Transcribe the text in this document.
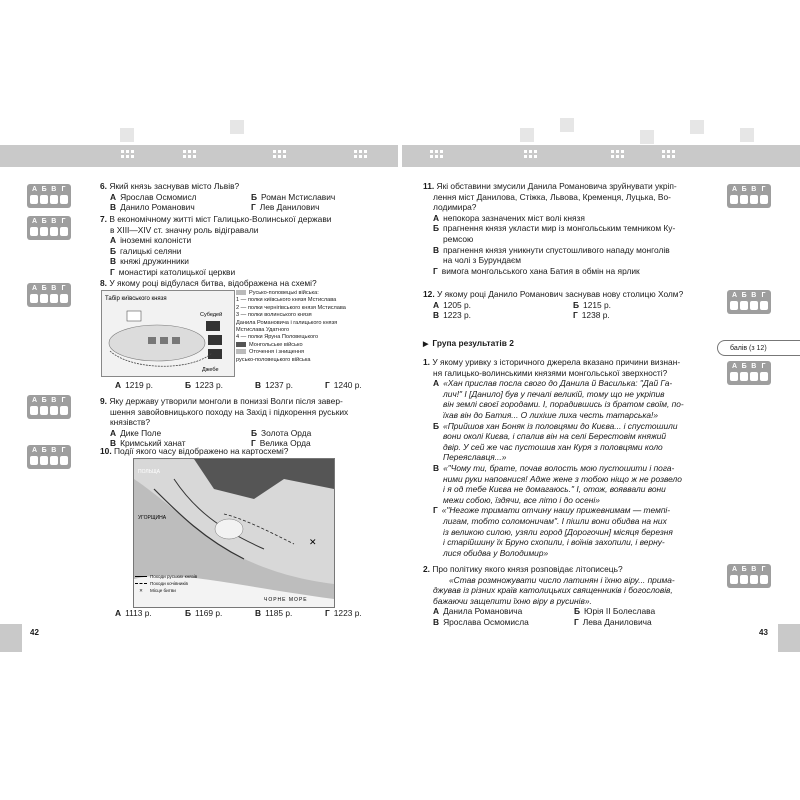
42	43
А Б В Г
А Б В Г
А Б В Г
А Б В Г
А Б В Г
А Б В Г
А Б В Г
балів (з 12)
А Б В Г
А Б В Г
6. Який князь заснував місто Львів?
А Ярослав Осмомисл	Б Роман Мстиславич
В Данило Романович	Г Лев Данилович
7. В економічному житті міст Галицько-Волинської держави
в XIII—XIV ст. значну роль відігравали
А іноземні колоністи
Б галицькі селяни
В княжі дружинники
Г монастирі католицької церкви
8. У якому році відбулася битва, відображена на схемі?
Табір київського князя
Субедей
Джебе
Русько-половецькі війська:
1 — полки київського князя Мстислава
2 — полки чернігівського князя Мстислава
3 — полки волинського князя
Данила Романовича і галицького князя
Мстислава Удатного
4 — полки Яруна Половецького
Монгольське військо
Оточення і знищення
русько-половецького війська
А 1219 р.	Б 1223 р.	В 1237 р.	Г 1240 р.
9. Яку державу утворили монголи в пониззі Волги після завер-
шення завойовницького походу на Захід і підкорення руських
князівств?
А Дике Поле	Б Золота Орда
В Кримський ханат	Г Велика Орда
10. Події якого часу відображено на картосхемі?
✕
ПОЛЬЩА
УГОРЩИНА
ЧОРНЕ МОРЕ
Походи руських князів
Походи кочівників
✕ Місце битви
А 1113 р.	Б 1169 р.	В 1185 р.	Г 1223 р.
11. Які обставини змусили Данила Романовича зруйнувати укріп-
лення міст Данилова, Стіжка, Львова, Кременця, Луцька, Во-
лодимира?
А непокора зазначених міст волі князя
Б прагнення князя укласти мир із монгольським темником Ку-
ремсою
В прагнення князя уникнути спустошливого нападу монголів
на чолі з Бурундаєм
Г вимога монгольського хана Батия в обмін на ярлик
12. У якому році Данило Романович заснував нову столицю Холм?
А 1205 р.	Б 1215 р.
В 1223 р.	Г 1238 р.
▶ Група результатів 2
1. У якому уривку з історичного джерела вказано причини визнан-
ня галицько-волинськими князями монгольської зверхності?
А «Хан прислав посла свого до Данила й Василька: "Дай Га-
лич!" І [Данило] був у печалі великій, тому що не укріпив
він землі своєї городами. І, порадившись із братом своїм, по-
їхав він до Батия... О лихіше лиха честь татарська!»
Б «Прийшов хан Боняк із половцями до Києва... і спустошили
вони околі Києва, і спалив він на селі Берестовім княжий
двір. У сей же час пустошив хан Куря з половцями коло
Переяславця...»
В «"Чому ти, брате, почав волость мою пустошити і пога-
ними руки наповнися! Адже жене з тобою ніщо ж не розвело
і я од тебе Києва не домагаюсь." І, отож, вояввали вони
межи собою, їздячи, все літо і до осені»
Г «"Негоже тримати отчину нашу прижевнимам — темпі-
лигам, тобто соломоничам". І пішли вони обидва на них
із великою силою, узяли город [Дорогочин] місяця березня
і старійшину їх Бруно схопили, і воїнів захопили, і верну-
лися обидва у Володимир»
2. Про політику якого князя розповідає літописець?
«Став розмножувати число латинян і їхню віру... прима-
джував із різних країв католицьких священників і богословів,
бажаючи защепити їхню віру в русинів».
А Данила Романовича	Б Юрія II Болеслава
В Ярослава Осмомисла	Г Лева Даниловича
